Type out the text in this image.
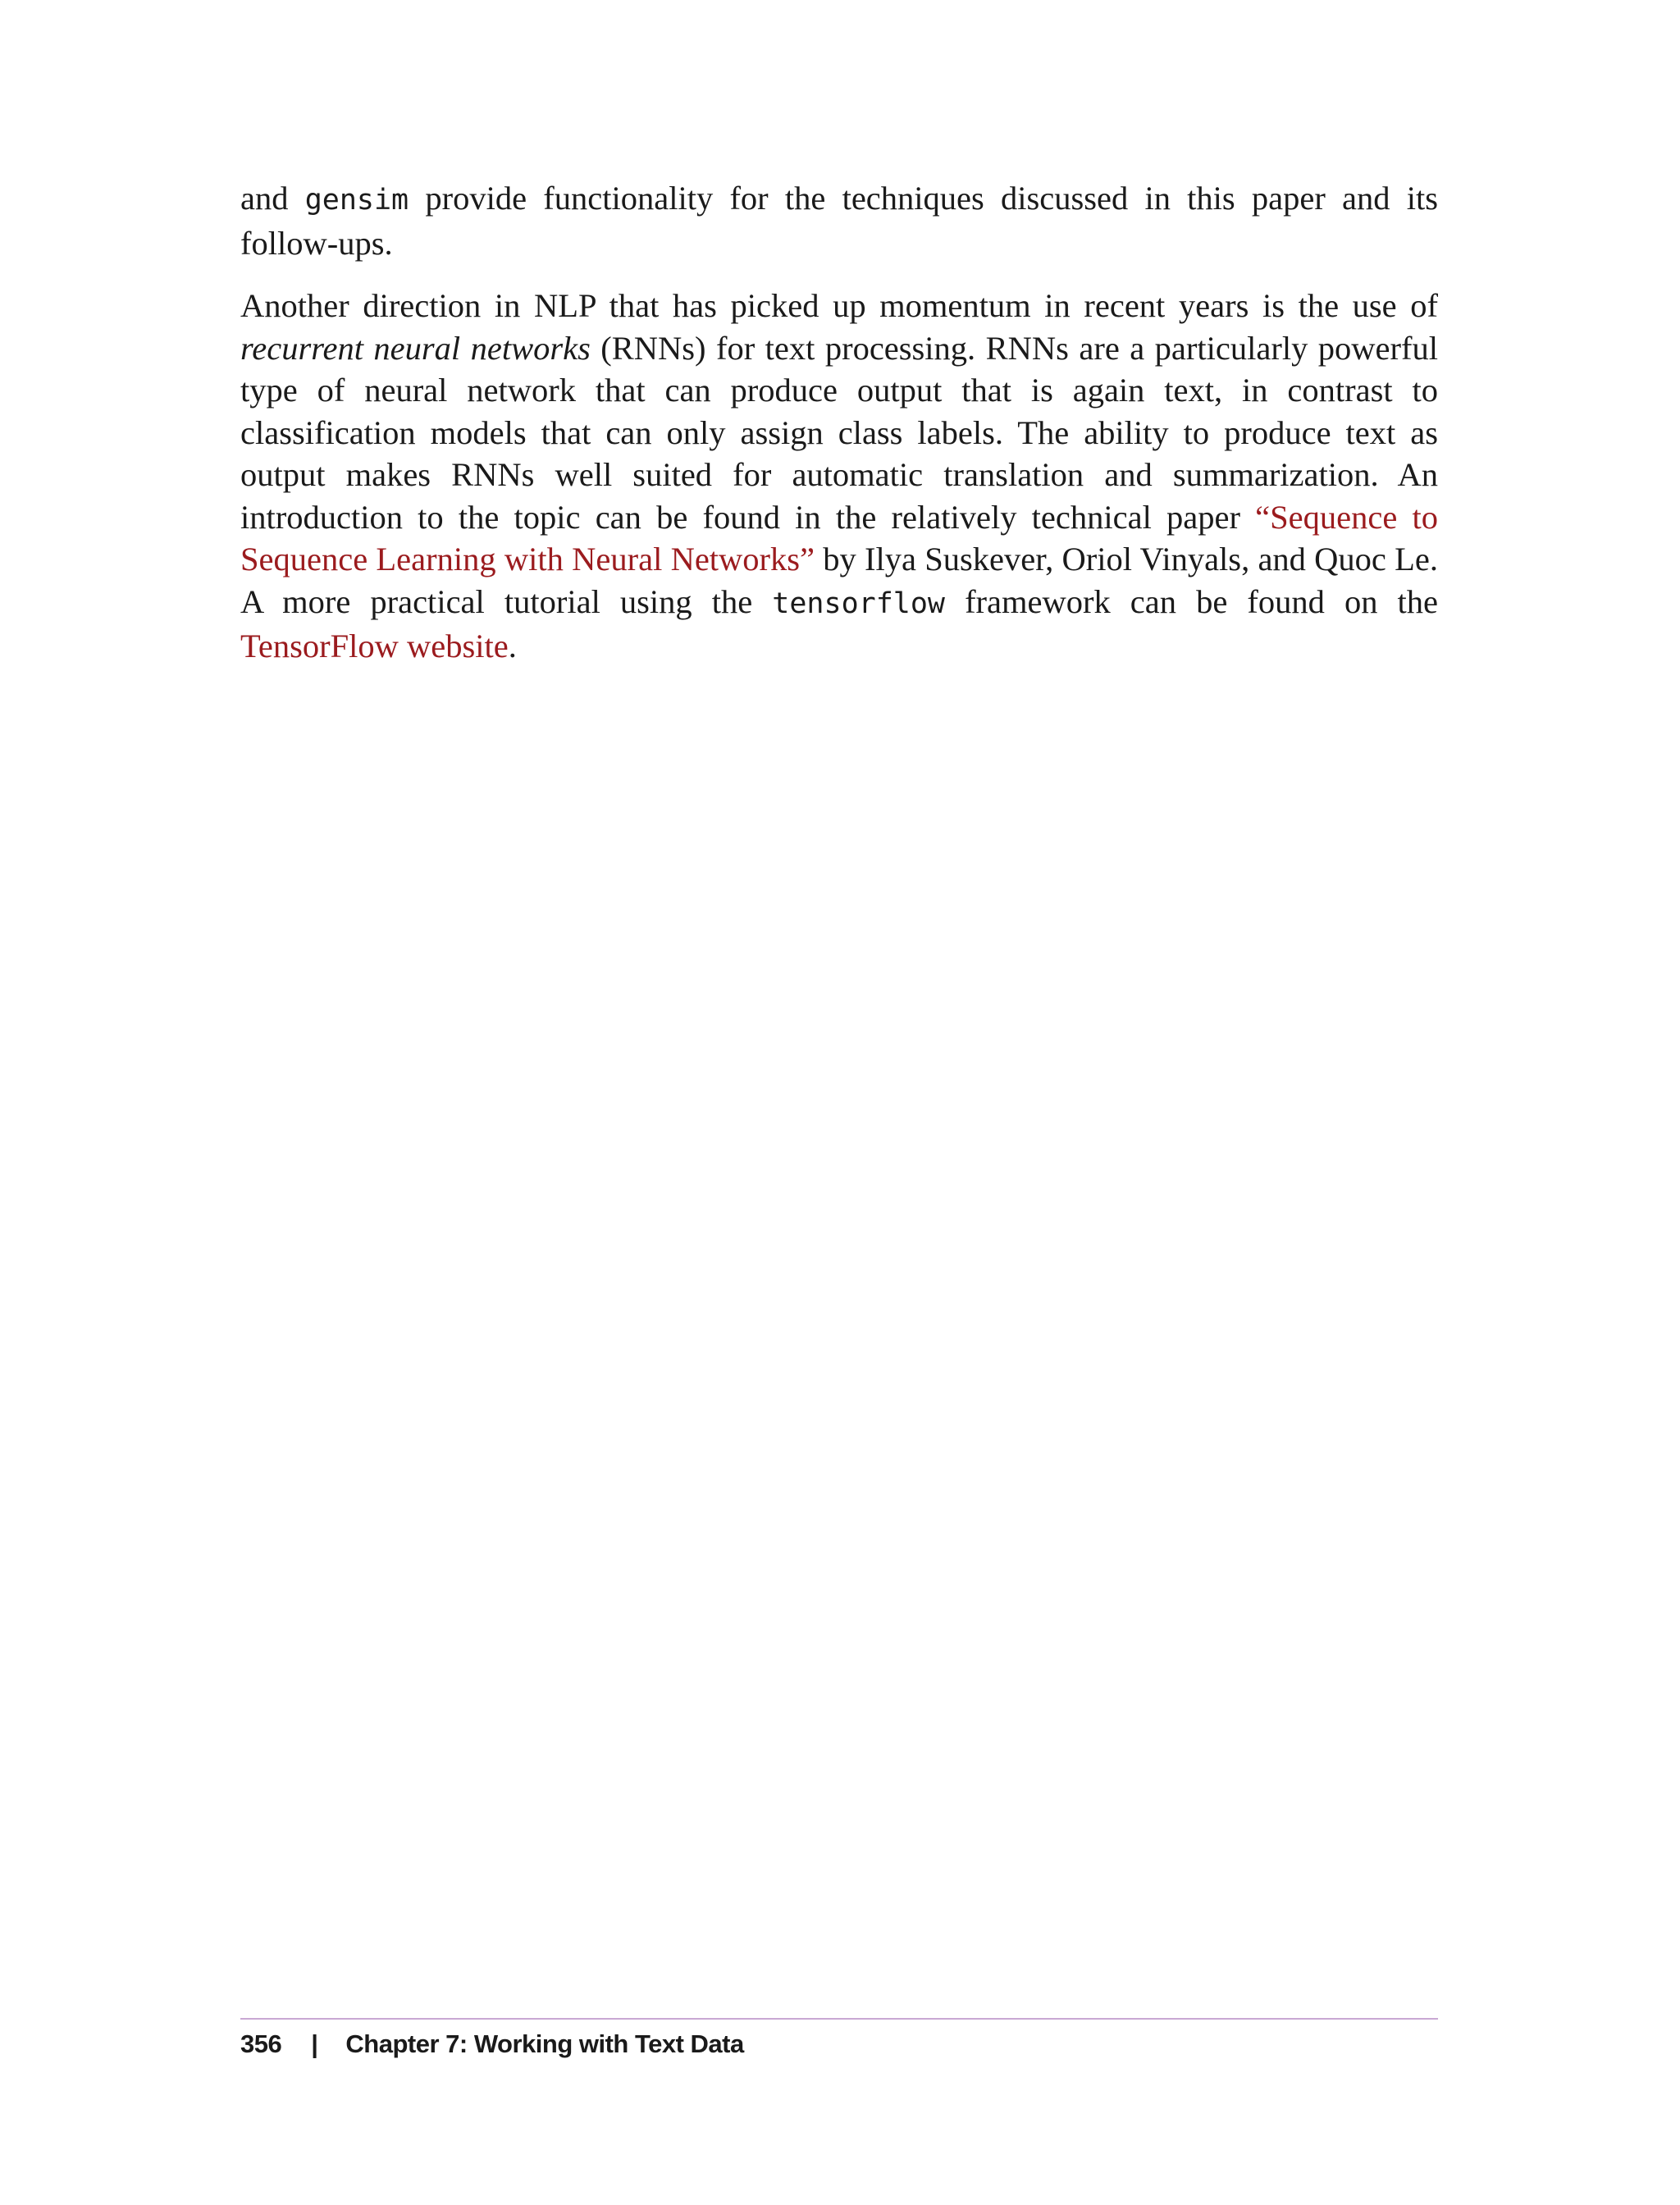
and gensim provide functionality for the techniques discussed in this paper and its follow-ups.

Another direction in NLP that has picked up momentum in recent years is the use of recurrent neural networks (RNNs) for text processing. RNNs are a particularly powerful type of neural network that can produce output that is again text, in contrast to classification models that can only assign class labels. The ability to produce text as output makes RNNs well suited for automatic translation and summarization. An introduction to the topic can be found in the relatively technical paper “Sequence to Sequence Learning with Neural Networks” by Ilya Suskever, Oriol Vinyals, and Quoc Le. A more practical tutorial using the tensorflow framework can be found on the TensorFlow website.

356 | Chapter 7: Working with Text Data
